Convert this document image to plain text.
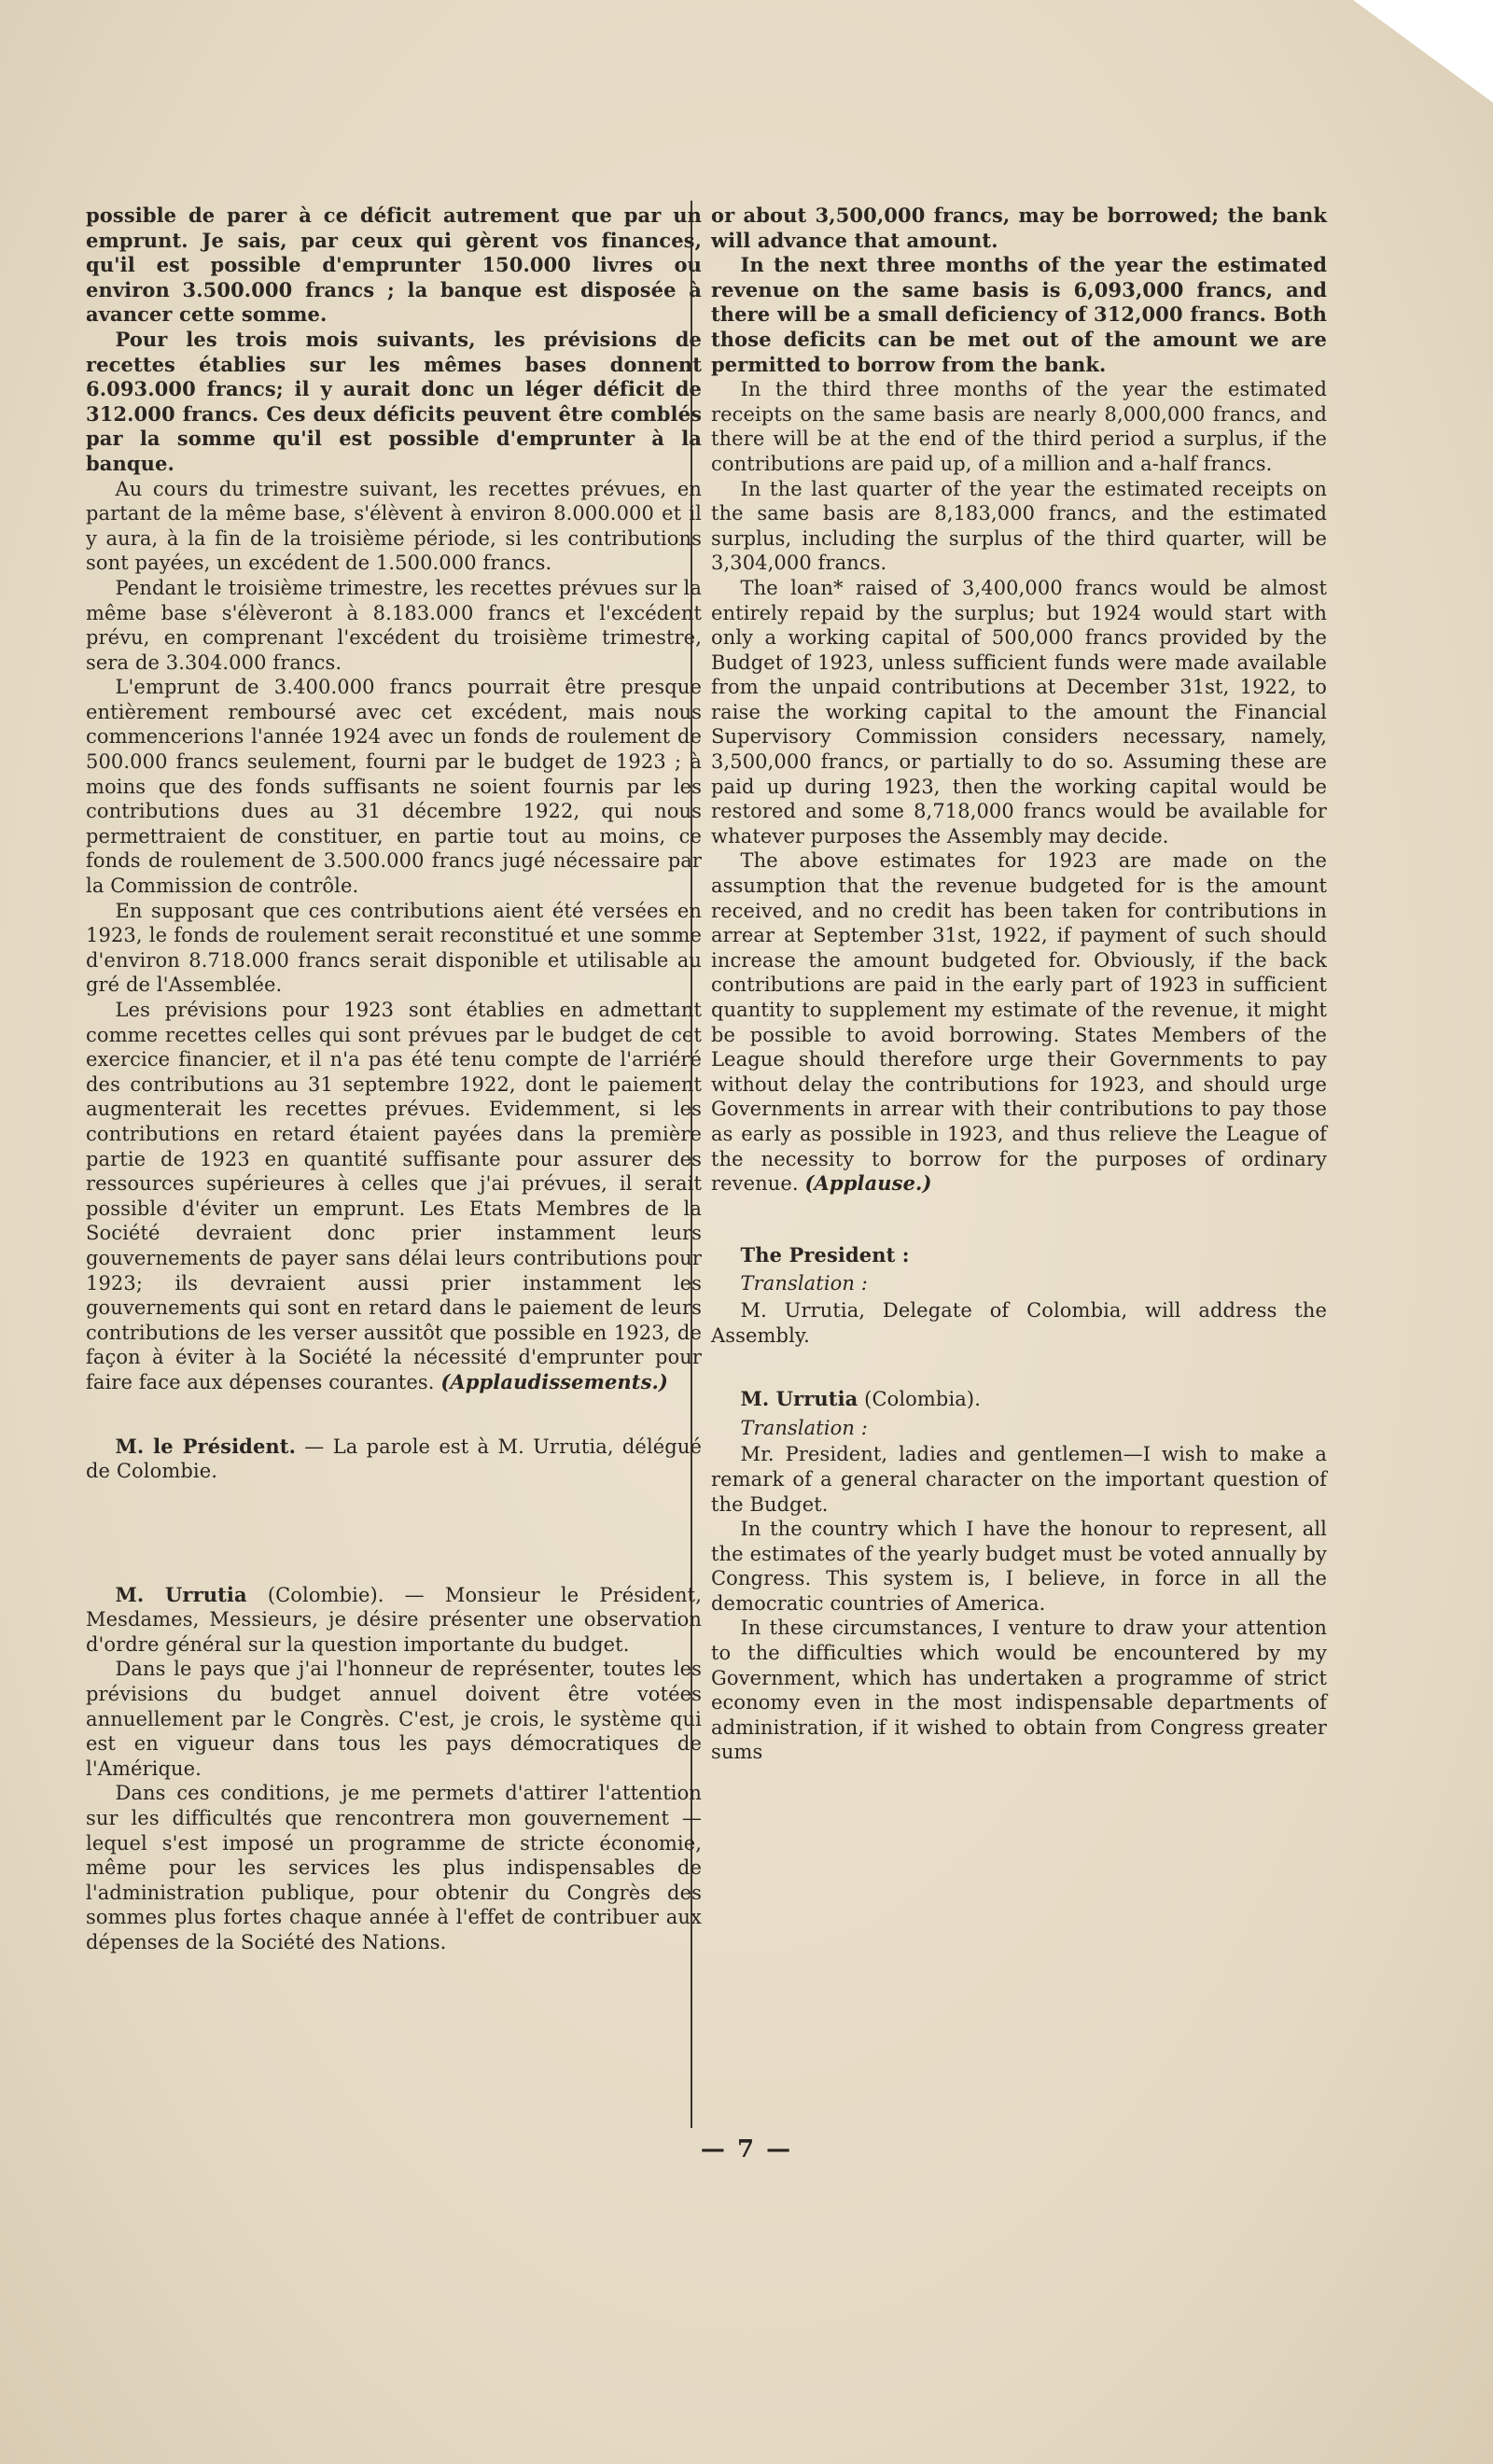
possible de parer à ce déficit autrement que par un emprunt. Je sais, par ceux qui gèrent vos finances, qu'il est possible d'emprunter 150.000 livres ou environ 3.500.000 francs ; la banque est disposée à avancer cette somme.

Pour les trois mois suivants, les prévisions de recettes établies sur les mêmes bases donnent 6.093.000 francs; il y aurait donc un léger déficit de 312.000 francs. Ces deux déficits peuvent être comblés par la somme qu'il est possible d'emprunter à la banque.

Au cours du trimestre suivant, les recettes prévues, en partant de la même base, s'élèvent à environ 8.000.000 et il y aura, à la fin de la troisième période, si les contributions sont payées, un excédent de 1.500.000 francs.

Pendant le troisième trimestre, les recettes prévues sur la même base s'élèveront à 8.183.000 francs et l'excédent prévu, en comprenant l'excédent du troisième trimestre, sera de 3.304.000 francs.

L'emprunt de 3.400.000 francs pourrait être presque entièrement remboursé avec cet excédent, mais nous commencerions l'année 1924 avec un fonds de roulement de 500.000 francs seulement, fourni par le budget de 1923 ; à moins que des fonds suffisants ne soient fournis par les contributions dues au 31 décembre 1922, qui nous permettraient de constituer, en partie tout au moins, ce fonds de roulement de 3.500.000 francs jugé nécessaire par la Commission de contrôle.

En supposant que ces contributions aient été versées en 1923, le fonds de roulement serait reconstitué et une somme d'environ 8.718.000 francs serait disponible et utilisable au gré de l'Assemblée.

Les prévisions pour 1923 sont établies en admettant comme recettes celles qui sont prévues par le budget de cet exercice financier, et il n'a pas été tenu compte de l'arriéré des contributions au 31 septembre 1922, dont le paiement augmenterait les recettes prévues. Evidemment, si les contributions en retard étaient payées dans la première partie de 1923 en quantité suffisante pour assurer des ressources supérieures à celles que j'ai prévues, il serait possible d'éviter un emprunt. Les Etats Membres de la Société devraient donc prier instamment leurs gouvernements de payer sans délai leurs contributions pour 1923; ils devraient aussi prier instamment les gouvernements qui sont en retard dans le paiement de leurs contributions de les verser aussitôt que possible en 1923, de façon à éviter à la Société la nécessité d'emprunter pour faire face aux dépenses courantes. (Applaudissements.)

M. le Président. — La parole est à M. Urrutia, délégué de Colombie.

M. Urrutia (Colombie). — Monsieur le Président, Mesdames, Messieurs, je désire présenter une observation d'ordre général sur la question importante du budget.

Dans le pays que j'ai l'honneur de représenter, toutes les prévisions du budget annuel doivent être votées annuellement par le Congrès. C'est, je crois, le système qui est en vigueur dans tous les pays démocratiques de l'Amérique.

Dans ces conditions, je me permets d'attirer l'attention sur les difficultés que rencontrera mon gouvernement — lequel s'est imposé un programme de stricte économie, même pour les services les plus indispensables de l'administration publique, pour obtenir du Congrès des sommes plus fortes chaque année à l'effet de contribuer aux dépenses de la Société des Nations.

or about 3,500,000 francs, may be borrowed; the bank will advance that amount.

In the next three months of the year the estimated revenue on the same basis is 6,093,000 francs, and there will be a small deficiency of 312,000 francs. Both those deficits can be met out of the amount we are permitted to borrow from the bank.

In the third three months of the year the estimated receipts on the same basis are nearly 8,000,000 francs, and there will be at the end of the third period a surplus, if the contributions are paid up, of a million and a-half francs.

In the last quarter of the year the estimated receipts on the same basis are 8,183,000 francs, and the estimated surplus, including the surplus of the third quarter, will be 3,304,000 francs.

The loan* raised of 3,400,000 francs would be almost entirely repaid by the surplus; but 1924 would start with only a working capital of 500,000 francs provided by the Budget of 1923, unless sufficient funds were made available from the unpaid contributions at December 31st, 1922, to raise the working capital to the amount the Financial Supervisory Commission considers necessary, namely, 3,500,000 francs, or partially to do so. Assuming these are paid up during 1923, then the working capital would be restored and some 8,718,000 francs would be available for whatever purposes the Assembly may decide.

The above estimates for 1923 are made on the assumption that the revenue budgeted for is the amount received, and no credit has been taken for contributions in arrear at September 31st, 1922, if payment of such should increase the amount budgeted for. Obviously, if the back contributions are paid in the early part of 1923 in sufficient quantity to supplement my estimate of the revenue, it might be possible to avoid borrowing. States Members of the League should therefore urge their Governments to pay without delay the contributions for 1923, and should urge Governments in arrear with their contributions to pay those as early as possible in 1923, and thus relieve the League of the necessity to borrow for the purposes of ordinary revenue. (Applause.)

The President :

Translation :

M. Urrutia, Delegate of Colombia, will address the Assembly.

M. Urrutia (Colombia).

Translation :

Mr. President, ladies and gentlemen—I wish to make a remark of a general character on the important question of the Budget.

In the country which I have the honour to represent, all the estimates of the yearly budget must be voted annually by Congress. This system is, I believe, in force in all the democratic countries of America.

In these circumstances, I venture to draw your attention to the difficulties which would be encountered by my Government, which has undertaken a programme of strict economy even in the most indispensable departments of administration, if it wished to obtain from Congress greater sums

— 7 —
